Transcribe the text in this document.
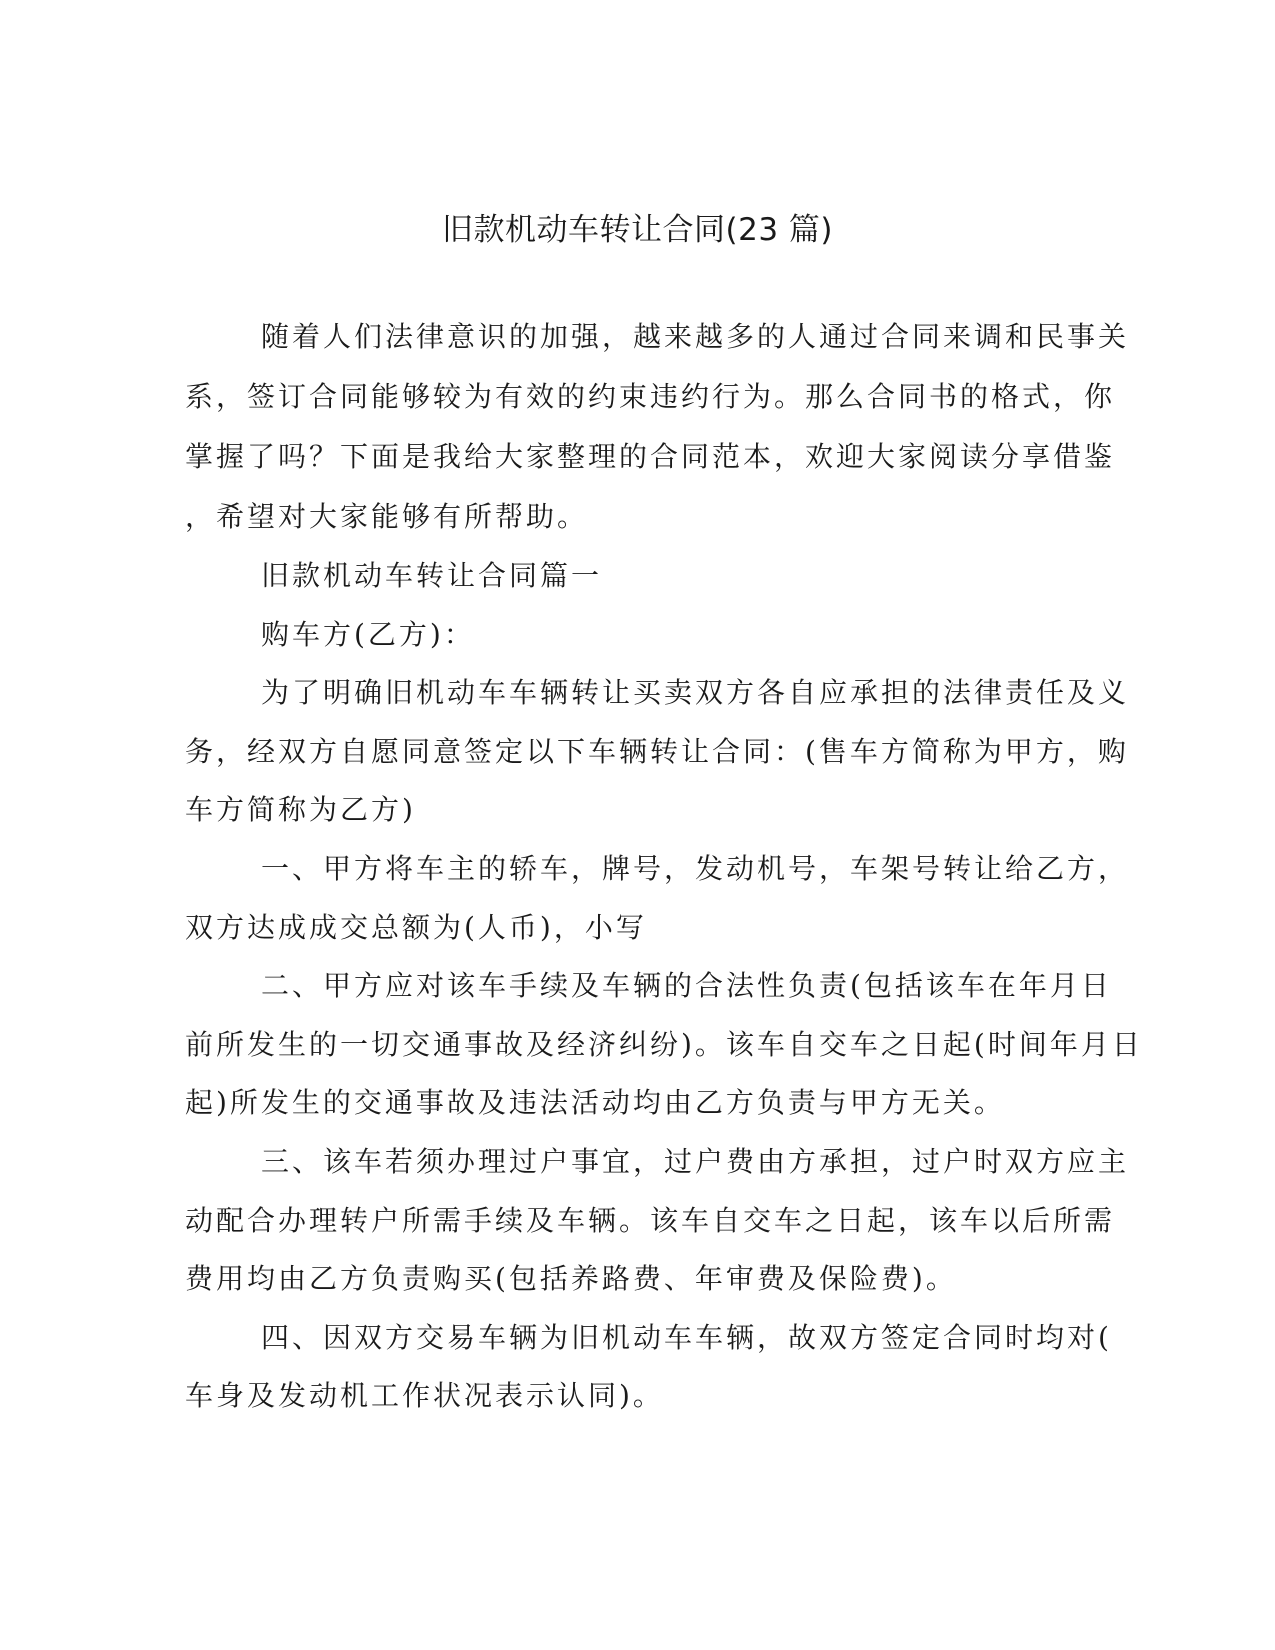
旧款机动车转让合同(23 篇)
随着人们法律意识的加强，越来越多的人通过合同来调和民事关
系，签订合同能够较为有效的约束违约行为。那么合同书的格式，你
掌握了吗？下面是我给大家整理的合同范本，欢迎大家阅读分享借鉴
，希望对大家能够有所帮助。
旧款机动车转让合同篇一
购车方(乙方)：
为了明确旧机动车车辆转让买卖双方各自应承担的法律责任及义
务，经双方自愿同意签定以下车辆转让合同：(售车方简称为甲方，购
车方简称为乙方)
一、甲方将车主的轿车，牌号，发动机号，车架号转让给乙方，
双方达成成交总额为(人币)，小写
二、甲方应对该车手续及车辆的合法性负责(包括该车在年月日
前所发生的一切交通事故及经济纠纷)。该车自交车之日起(时间年月日
起)所发生的交通事故及违法活动均由乙方负责与甲方无关。
三、该车若须办理过户事宜，过户费由方承担，过户时双方应主
动配合办理转户所需手续及车辆。该车自交车之日起，该车以后所需
费用均由乙方负责购买(包括养路费、年审费及保险费)。
四、因双方交易车辆为旧机动车车辆，故双方签定合同时均对(
车身及发动机工作状况表示认同)。
